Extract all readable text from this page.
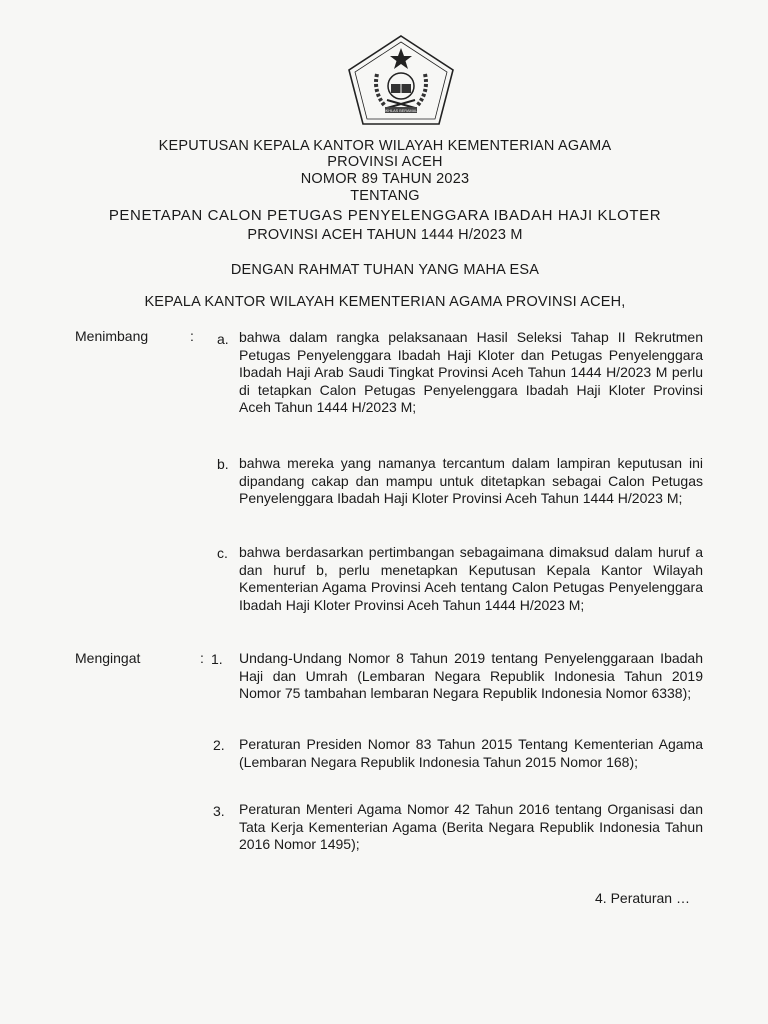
IKHLAS BERAMAL
KEPUTUSAN KEPALA KANTOR WILAYAH KEMENTERIAN AGAMA
PROVINSI ACEH
NOMOR 89 TAHUN 2023
TENTANG
PENETAPAN CALON PETUGAS PENYELENGGARA IBADAH HAJI KLOTER
PROVINSI ACEH TAHUN 1444 H/2023 M
DENGAN RAHMAT TUHAN YANG MAHA ESA
KEPALA KANTOR WILAYAH KEMENTERIAN AGAMA PROVINSI ACEH,
Menimbang	: a. bahwa dalam rangka pelaksanaan Hasil Seleksi Tahap II Rekrutmen Petugas Penyelenggara Ibadah Haji Kloter dan Petugas Penyelenggara Ibadah Haji Arab Saudi Tingkat Provinsi Aceh Tahun 1444 H/2023 M perlu di tetapkan Calon Petugas Penyelenggara Ibadah Haji Kloter Provinsi Aceh Tahun 1444 H/2023 M;
b. bahwa mereka yang namanya tercantum dalam lampiran keputusan ini dipandang cakap dan mampu untuk ditetapkan sebagai Calon Petugas Penyelenggara Ibadah Haji Kloter Provinsi Aceh Tahun 1444 H/2023 M;
c. bahwa berdasarkan pertimbangan sebagaimana dimaksud dalam huruf a dan huruf b, perlu menetapkan Keputusan Kepala Kantor Wilayah Kementerian Agama Provinsi Aceh tentang Calon Petugas Penyelenggara Ibadah Haji Kloter Provinsi Aceh Tahun 1444 H/2023 M;
Mengingat	: 1. Undang-Undang Nomor 8 Tahun 2019 tentang Penyelenggaraan Ibadah Haji dan Umrah (Lembaran Negara Republik Indonesia Tahun 2019 Nomor 75 tambahan lembaran Negara Republik Indonesia Nomor 6338);
2. Peraturan Presiden Nomor 83 Tahun 2015 Tentang Kementerian Agama (Lembaran Negara Republik Indonesia Tahun 2015 Nomor 168);
3. Peraturan Menteri Agama Nomor 42 Tahun 2016 tentang Organisasi dan Tata Kerja Kementerian Agama (Berita Negara Republik Indonesia Tahun 2016 Nomor 1495);
4. Peraturan …
